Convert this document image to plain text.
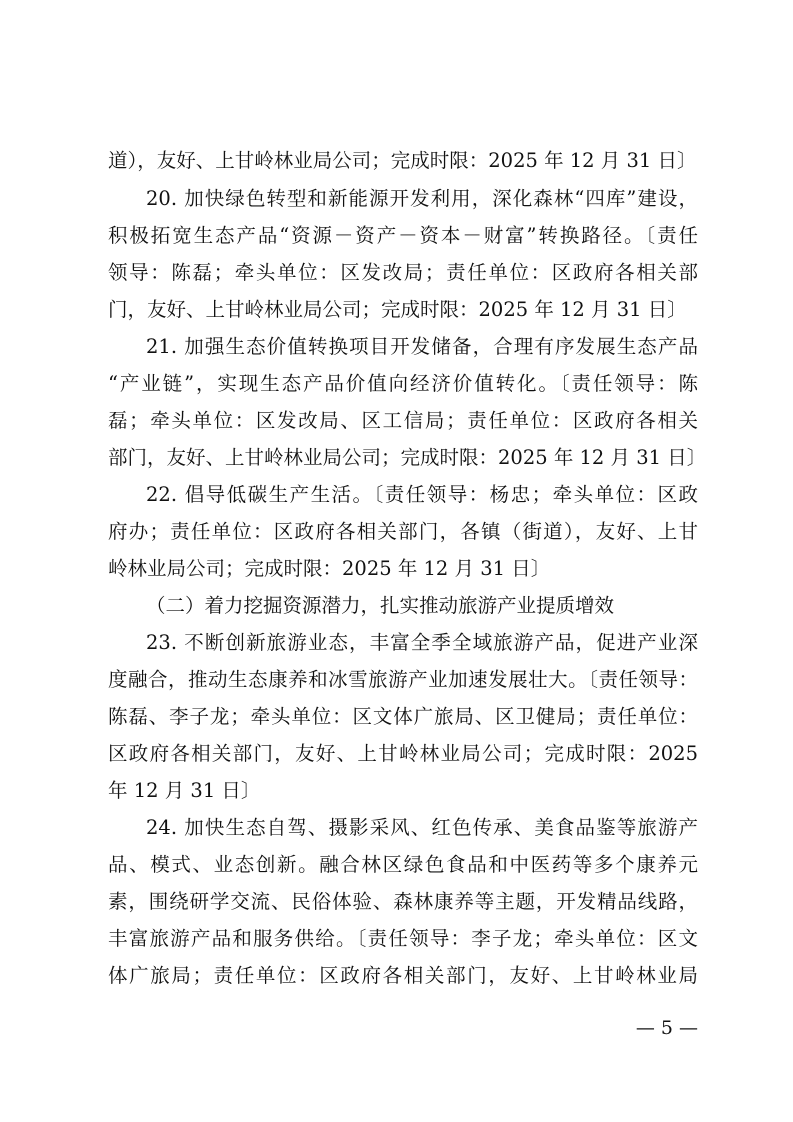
道），友好、上甘岭林业局公司；完成时限：2025 年 12 月 31 日〕
20. 加快绿色转型和新能源开发利用，深化森林“四库”建设，
积极拓宽生态产品“资源－资产－资本－财富”转换路径。〔责任
领导：陈磊；牵头单位：区发改局；责任单位：区政府各相关部
门，友好、上甘岭林业局公司；完成时限：2025 年 12 月 31 日〕
21. 加强生态价值转换项目开发储备，合理有序发展生态产品
“产业链”，实现生态产品价值向经济价值转化。〔责任领导：陈
磊；牵头单位：区发改局、区工信局；责任单位：区政府各相关
部门，友好、上甘岭林业局公司；完成时限：2025 年 12 月 31 日〕
22. 倡导低碳生产生活。〔责任领导：杨忠；牵头单位：区政
府办；责任单位：区政府各相关部门，各镇（街道），友好、上甘
岭林业局公司；完成时限：2025 年 12 月 31 日〕
（二）着力挖掘资源潜力，扎实推动旅游产业提质增效
23. 不断创新旅游业态，丰富全季全域旅游产品，促进产业深
度融合，推动生态康养和冰雪旅游产业加速发展壮大。〔责任领导：
陈磊、李子龙；牵头单位：区文体广旅局、区卫健局；责任单位：
区政府各相关部门，友好、上甘岭林业局公司；完成时限：2025
年 12 月 31 日〕
24. 加快生态自驾、摄影采风、红色传承、美食品鉴等旅游产
品、模式、业态创新。融合林区绿色食品和中医药等多个康养元
素，围绕研学交流、民俗体验、森林康养等主题，开发精品线路，
丰富旅游产品和服务供给。〔责任领导：李子龙；牵头单位：区文
体广旅局；责任单位：区政府各相关部门，友好、上甘岭林业局
— 5 —
